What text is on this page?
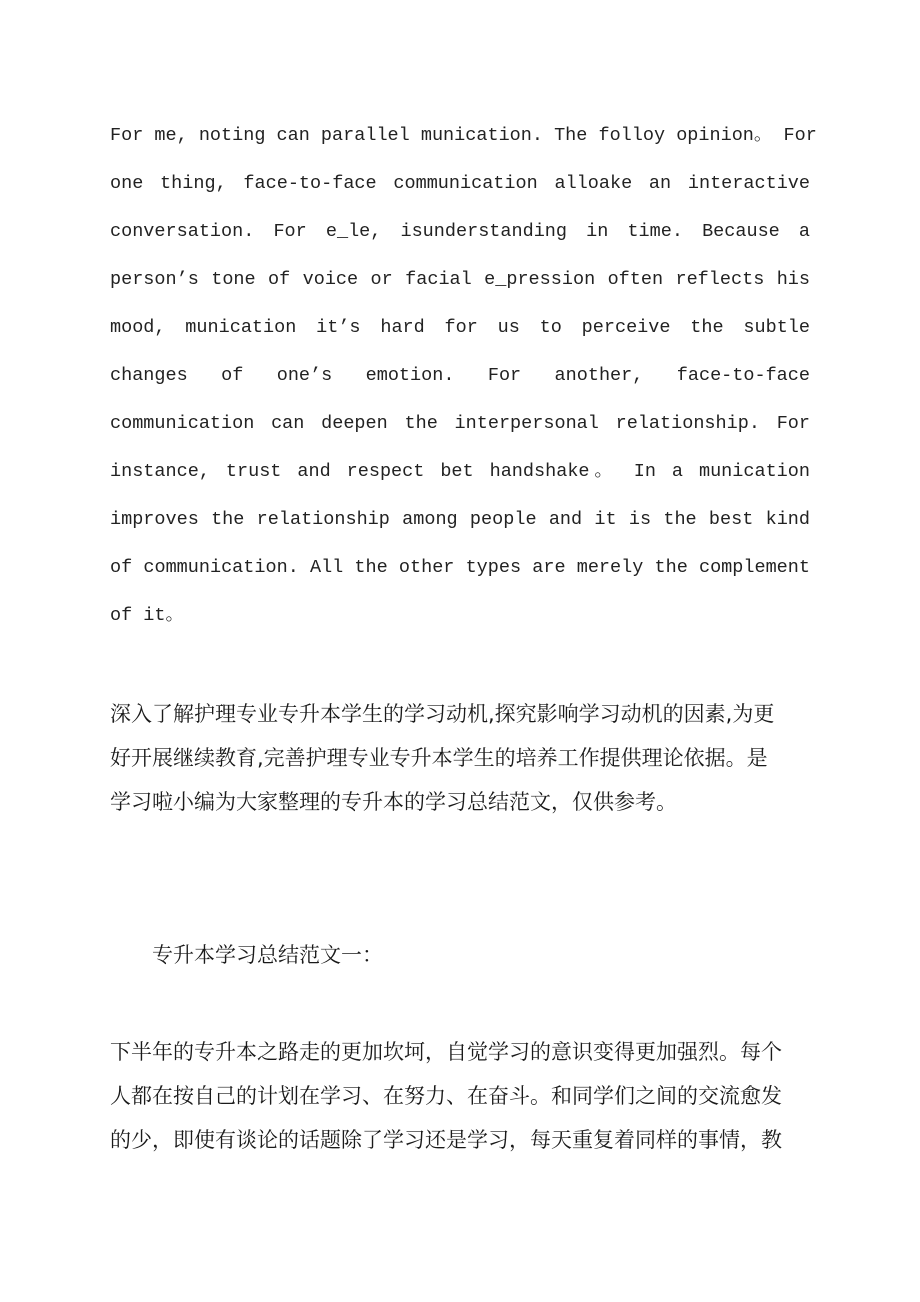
For me, noting can parallel munication. The folloy opinion。 For
one thing, face-to-face communication alloake an interactive
conversation. For e_le, isunderstanding in time. Because a
person’s tone of voice or facial e_pression often reflects his
mood, munication it’s hard for us to perceive the subtle
changes of one’s emotion. For another, face-to-face
communication can deepen the interpersonal relationship. For
instance, trust and respect bet handshake。 In a munication
improves the relationship among people and it is the best kind
of communication. All the other types are merely the complement
of it。
深入了解护理专业专升本学生的学习动机,探究影响学习动机的因素,为更
好开展继续教育,完善护理专业专升本学生的培养工作提供理论依据。是
学习啦小编为大家整理的专升本的学习总结范文，仅供参考。
专升本学习总结范文一：
下半年的专升本之路走的更加坎坷，自觉学习的意识变得更加强烈。每个
人都在按自己的计划在学习、在努力、在奋斗。和同学们之间的交流愈发
的少，即使有谈论的话题除了学习还是学习，每天重复着同样的事情，教
